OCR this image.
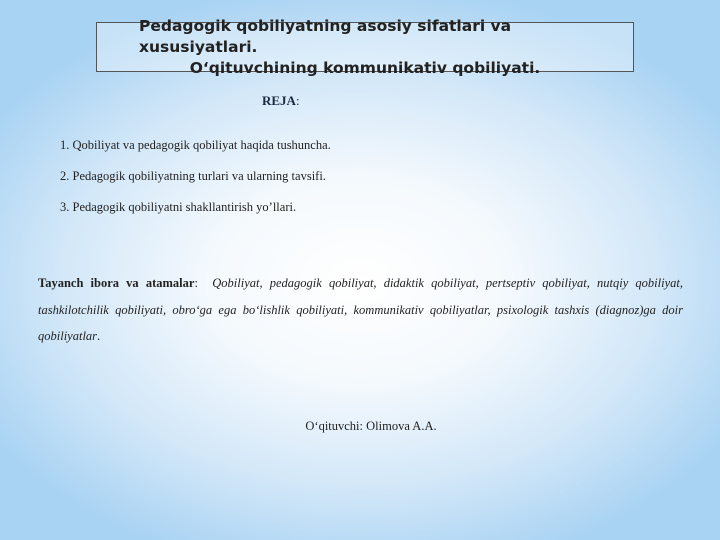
Pedagogik qobiliyatning asosiy sifatlari va xususiyatlari.
O‘qituvchining kommunikativ qobiliyati.
REJA:
1. Qobiliyat va pedagogik qobiliyat haqida tushuncha.
2. Pedagogik qobiliyatning turlari va ularning tavsifi.
3. Pedagogik qobiliyatni shakllantirish yo’llari.
Tayanch ibora va atamalar: Qobiliyat, pedagogik qobiliyat, didaktik qobiliyat, pertseptiv qobiliyat, nutqiy qobiliyat, tashkilotchilik qobiliyati, obro‘ga ega bo‘lishlik qobiliyati, kommunikativ qobiliyatlar, psixologik tashxis (diagnoz)ga doir qobiliyatlar.
O‘qituvchi: Olimova A.A.
